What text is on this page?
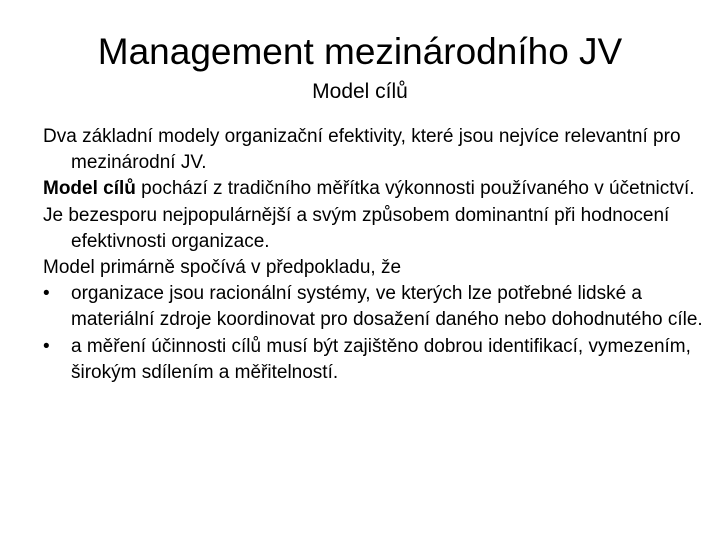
Management mezinárodního JV
Model cílů

Dva základní modely organizační efektivity, které jsou nejvíce relevantní pro mezinárodní JV.

Model cílů pochází z tradičního měřítka výkonnosti používaného v účetnictví.

Je bezesporu nejpopulárnější a svým způsobem dominantní při hodnocení efektivnosti organizace.

Model primárně spočívá v předpokladu, že

•	organizace jsou racionální systémy, ve kterých lze potřebné lidské a materiální zdroje koordinovat pro dosažení daného nebo dohodnutého cíle.
•	a měření účinnosti cílů musí být zajištěno dobrou identifikací, vymezením, širokým sdílením a měřitelností.
